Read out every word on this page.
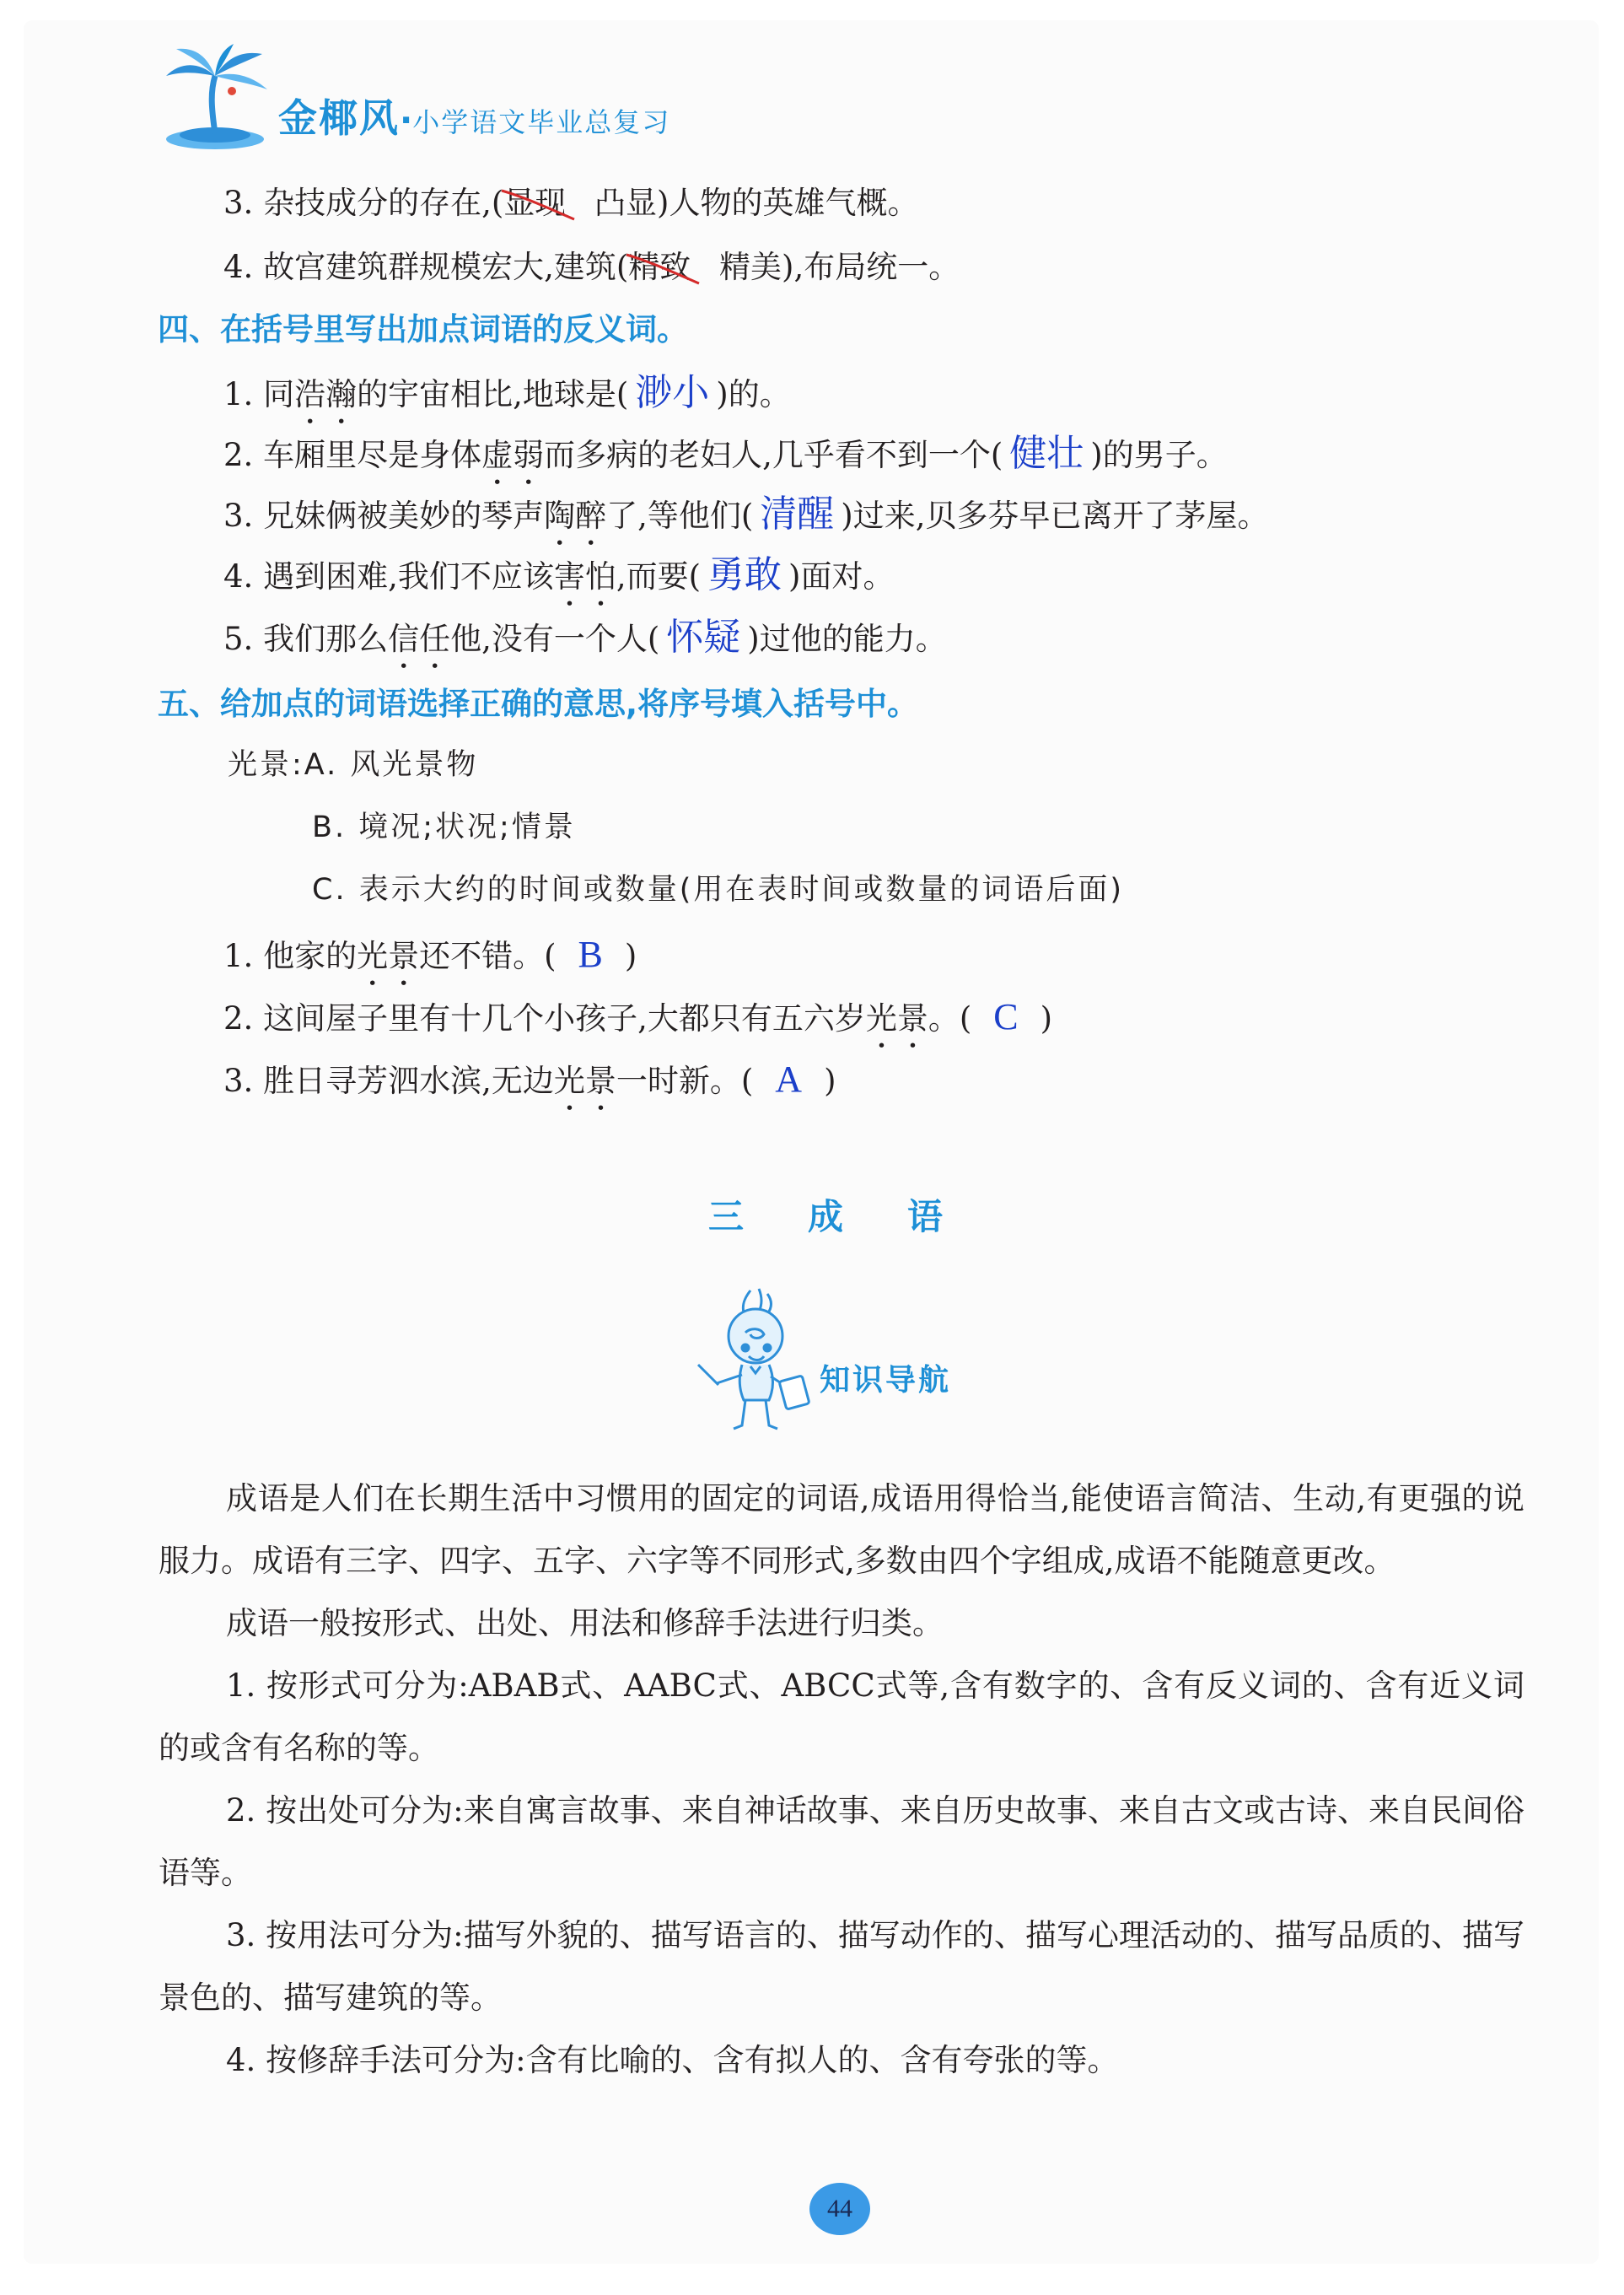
金椰风·小学语文毕业总复习
3. 杂技成分的存在,(显现
凸显)人物的英雄气概。
4. 故宫建筑群规模宏大,建筑(精致
精美),布局统一。
四、在括号里写出加点词语的反义词。
1. 同浩瀚的宇宙相比,地球是( 渺小 )的。
2. 车厢里尽是身体虚弱而多病的老妇人,几乎看不到一个( 健壮 )的男子。
3. 兄妹俩被美妙的琴声陶醉了,等他们( 清醒 )过来,贝多芬早已离开了茅屋。
4. 遇到困难,我们不应该害怕,而要( 勇敢 )面对。
5. 我们那么信任他,没有一个人( 怀疑 )过他的能力。
五、给加点的词语选择正确的意思,将序号填入括号中。
光景:A. 风光景物
B. 境况;状况;情景
C. 表示大约的时间或数量(用在表时间或数量的词语后面)
1. 他家的光景还不错。( B )
2. 这间屋子里有十几个小孩子,大都只有五六岁光景。( C )
3. 胜日寻芳泗水滨,无边光景一时新。( A )
三 成 语
知识导航

成语是人们在长期生活中习惯用的固定的词语,成语用得恰当,能使语言简洁、生动,有更强的说服力。成语有三字、四字、五字、六字等不同形式,多数由四个字组成,成语不能随意更改。

成语一般按形式、出处、用法和修辞手法进行归类。

1. 按形式可分为:ABAB式、AABC式、ABCC式等,含有数字的、含有反义词的、含有近义词的或含有名称的等。

2. 按出处可分为:来自寓言故事、来自神话故事、来自历史故事、来自古文或古诗、来自民间俗语等。

3. 按用法可分为:描写外貌的、描写语言的、描写动作的、描写心理活动的、描写品质的、描写景色的、描写建筑的等。

4. 按修辞手法可分为:含有比喻的、含有拟人的、含有夸张的等。

44
